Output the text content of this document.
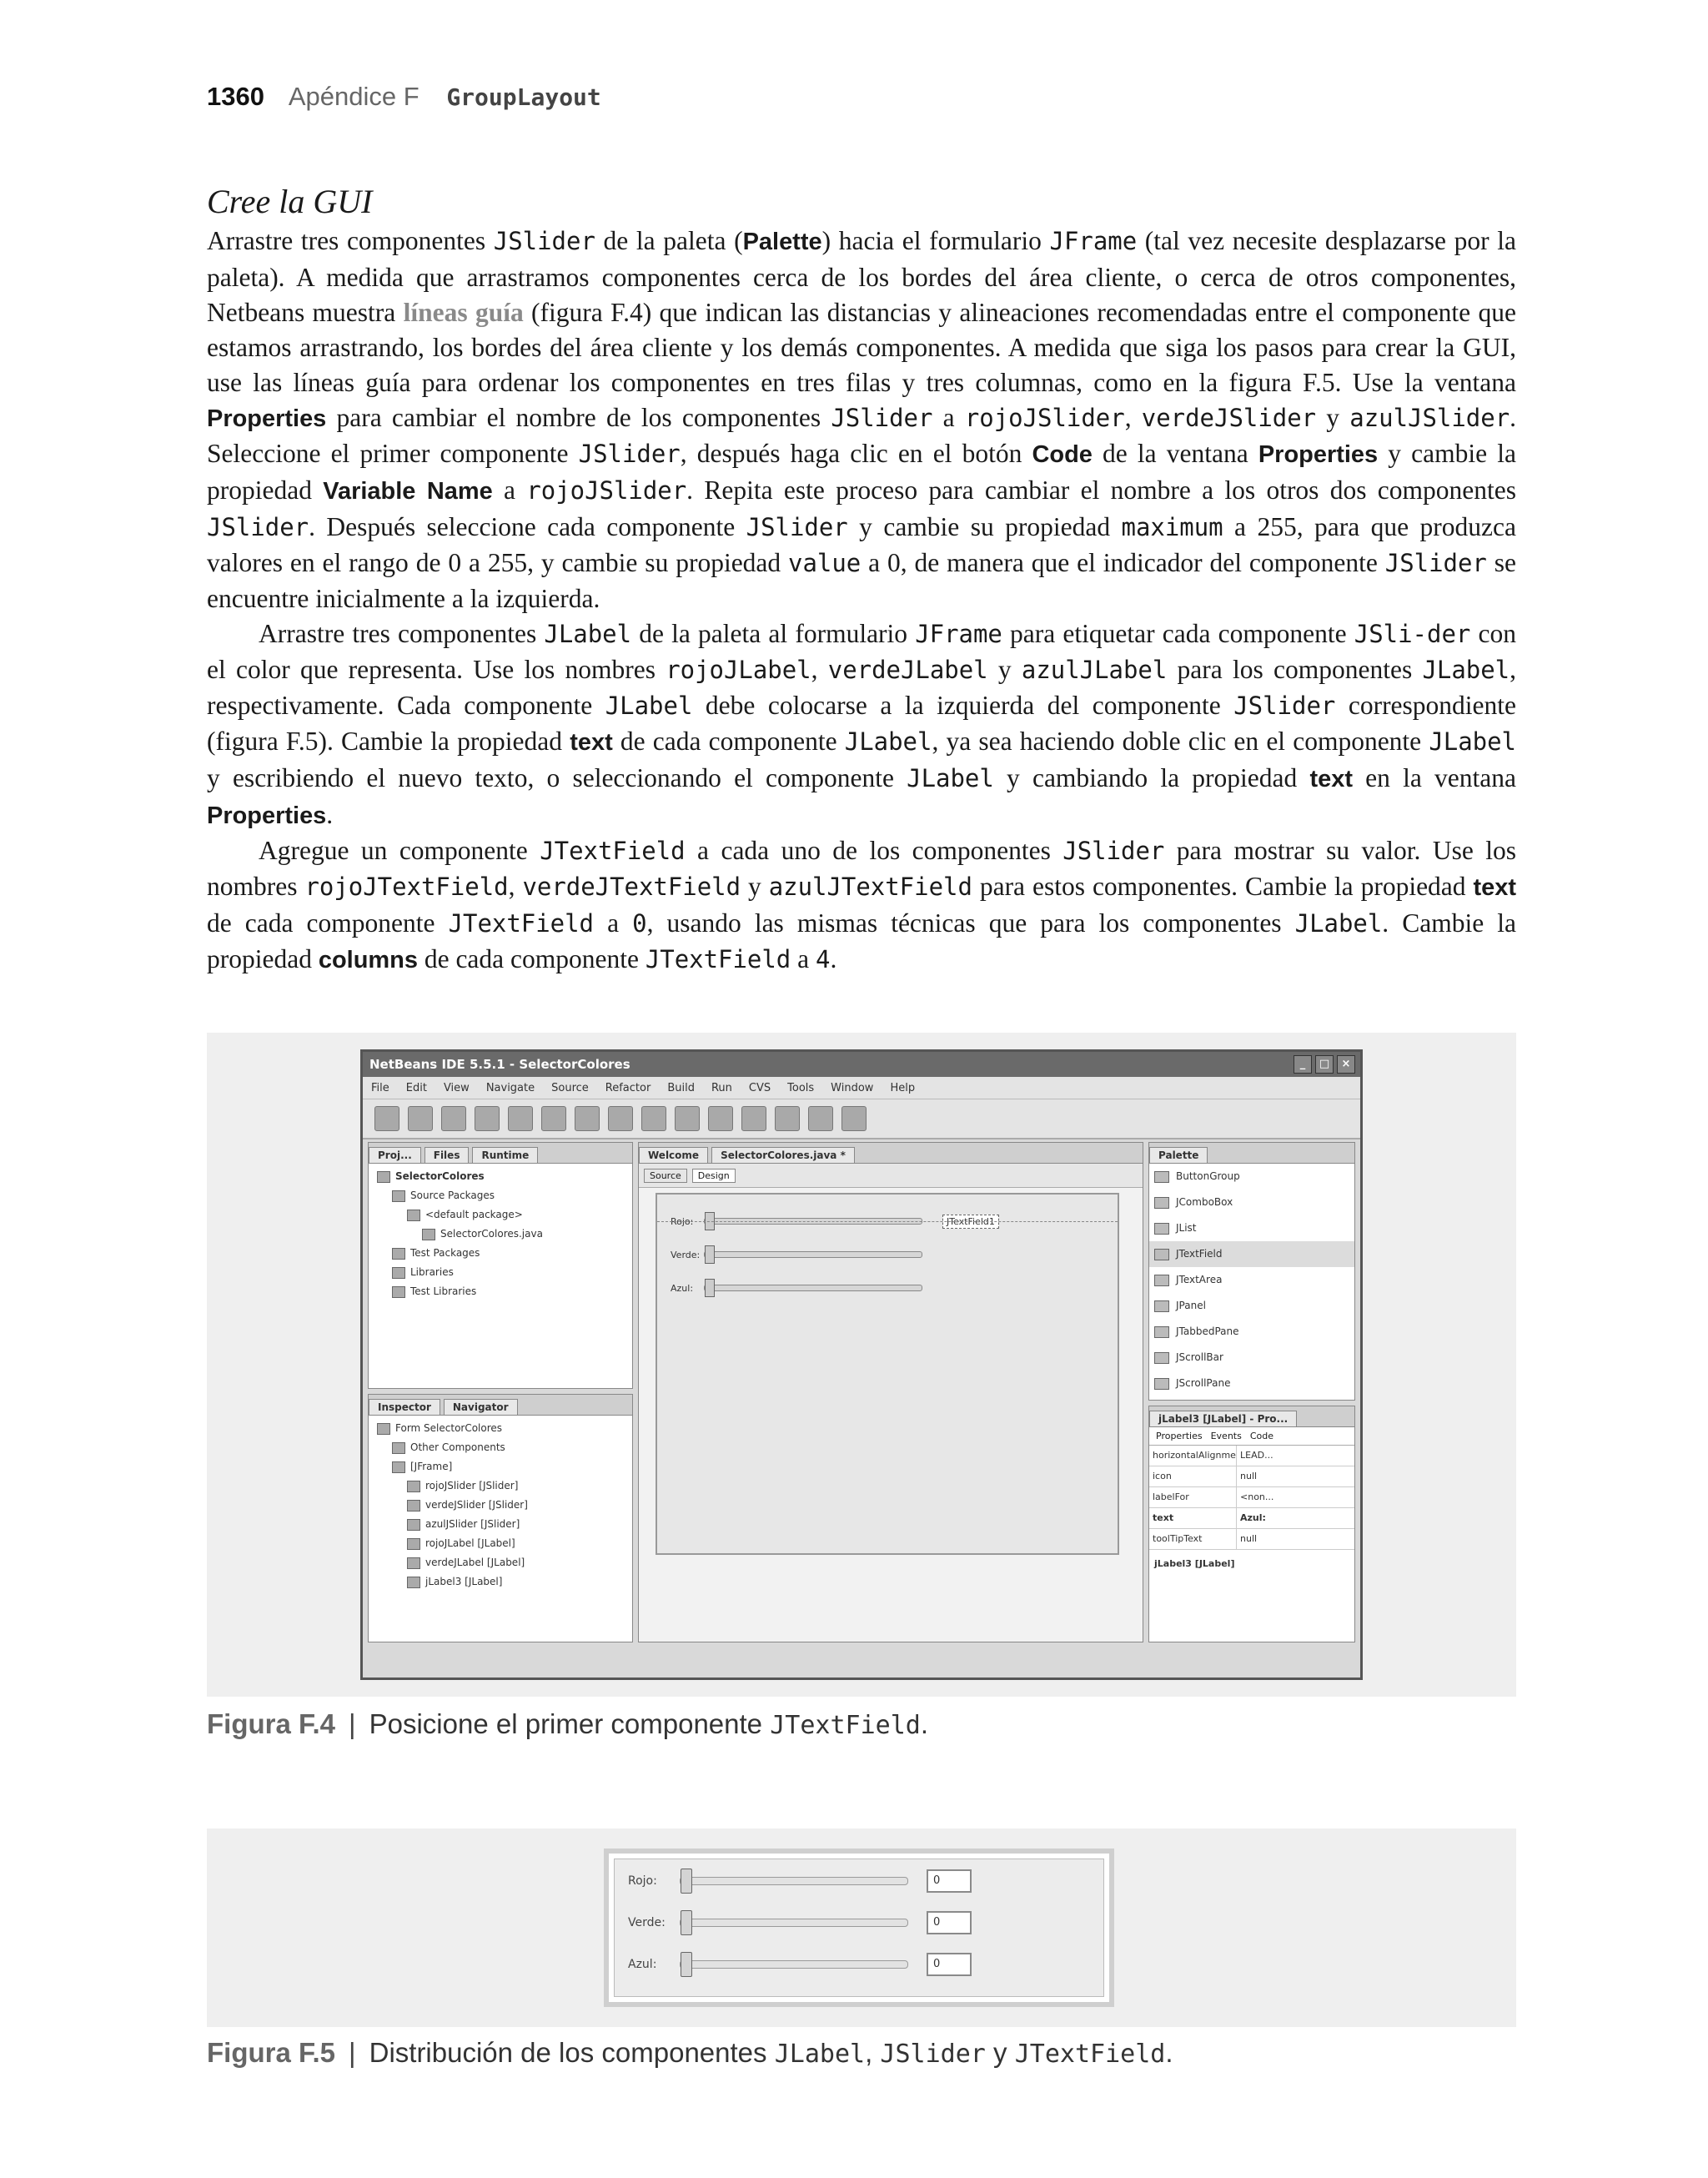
1360 Apéndice F GroupLayout
Cree la GUI

Arrastre tres componentes JSlider de la paleta (Palette) hacia el formulario JFrame (tal vez necesite desplazarse por la paleta). A medida que arrastramos componentes cerca de los bordes del área cliente, o cerca de otros componentes, Netbeans muestra líneas guía (figura F.4) que indican las distancias y alineaciones recomendadas entre el componente que estamos arrastrando, los bordes del área cliente y los demás componentes. A medida que siga los pasos para crear la GUI, use las líneas guía para ordenar los componentes en tres filas y tres columnas, como en la figura F.5. Use la ventana Properties para cambiar el nombre de los componentes JSlider a rojoJSlider, verdeJSlider y azulJSlider. Seleccione el primer componente JSlider, después haga clic en el botón Code de la ventana Properties y cambie la propiedad Variable Name a rojoJSlider. Repita este proceso para cambiar el nombre a los otros dos componentes JSlider. Después seleccione cada componente JSlider y cambie su propiedad maximum a 255, para que produzca valores en el rango de 0 a 255, y cambie su propiedad value a 0, de manera que el indicador del componente JSlider se encuentre inicialmente a la izquierda.

Arrastre tres componentes JLabel de la paleta al formulario JFrame para etiquetar cada componente JSli-der con el color que representa. Use los nombres rojoJLabel, verdeJLabel y azulJLabel para los componentes JLabel, respectivamente. Cada componente JLabel debe colocarse a la izquierda del componente JSlider correspondiente (figura F.5). Cambie la propiedad text de cada componente JLabel, ya sea haciendo doble clic en el componente JLabel y escribiendo el nuevo texto, o seleccionando el componente JLabel y cambiando la propiedad text en la ventana Properties.

Agregue un componente JTextField a cada uno de los componentes JSlider para mostrar su valor. Use los nombres rojoJTextField, verdeJTextField y azulJTextField para estos componentes. Cambie la propiedad text de cada componente JTextField a 0, usando las mismas técnicas que para los componentes JLabel. Cambie la propiedad columns de cada componente JTextField a 4.

NetBeans IDE 5.5.1 - SelectorColores	_	□	×
File Edit View Navigate Source Refactor Build Run CVS Tools Window Help
Proj...	Files	Runtime
SelectorColores
Source Packages
<default package>
SelectorColores.java
Test Packages
Libraries
Test Libraries
Inspector	Navigator
Form SelectorColores
Other Components
[JFrame]
rojoJSlider [JSlider]
verdeJSlider [JSlider]
azulJSlider [JSlider]
rojoJLabel [JLabel]
verdeJLabel [JLabel]
jLabel3 [JLabel]
Welcome	SelectorColores.java *
Source	Design
Rojo:	JTextField1
Verde:
Azul:
Palette
ButtonGroup
JComboBox
JList
JTextField
JTextArea
JPanel
JTabbedPane
JScrollBar
JScrollPane
jLabel3 [JLabel] - Pro...
Properties Events Code
horizontalAlignme LEAD...
icon	null
labelFor	<non...
text	Azul:
toolTipText	null
jLabel3 [JLabel]
Figura F.4 | Posicione el primer componente JTextField.
Rojo:	0
Verde:	0
Azul:	0
Figura F.5 | Distribución de los componentes JLabel, JSlider y JTextField.
